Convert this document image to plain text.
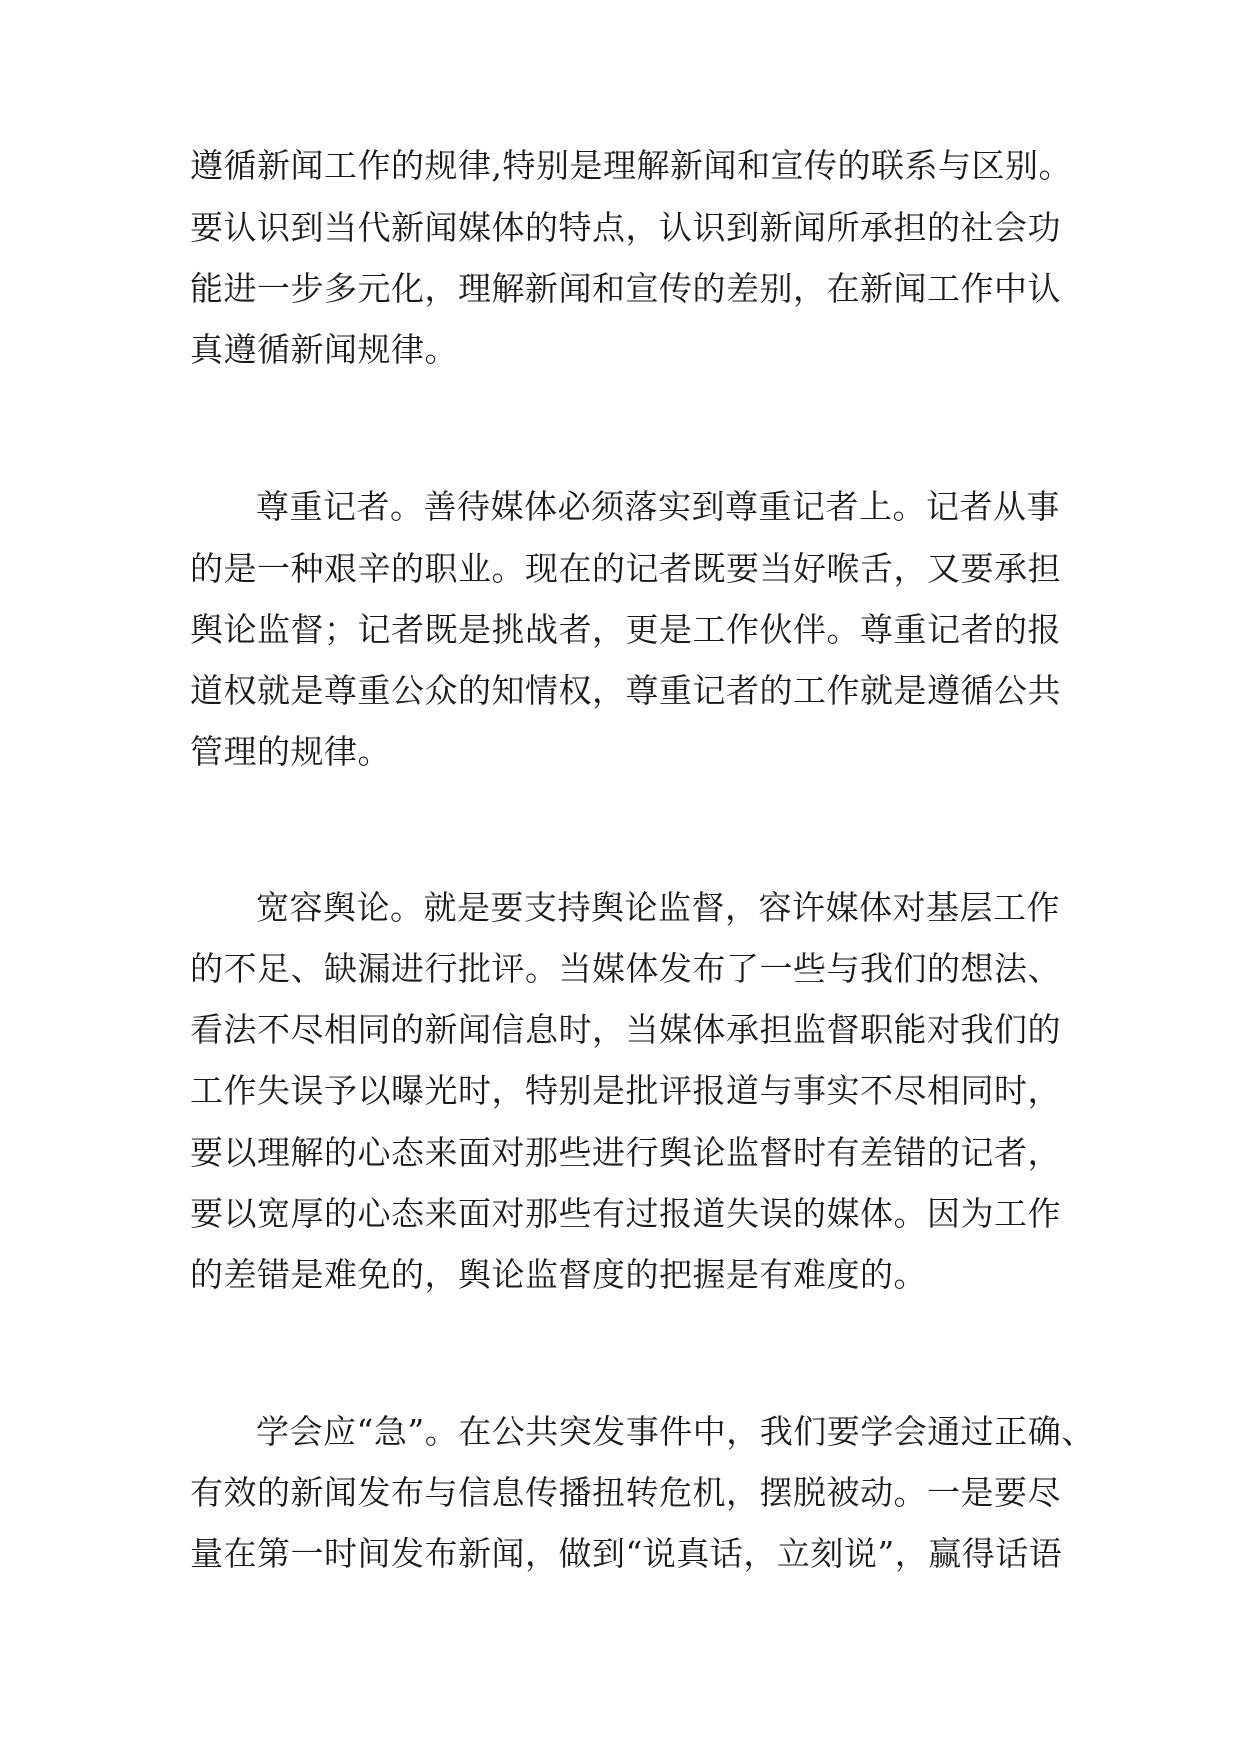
遵循新闻工作的规律,特别是理解新闻和宣传的联系与区别。
要认识到当代新闻媒体的特点，认识到新闻所承担的社会功
能进一步多元化，理解新闻和宣传的差别，在新闻工作中认
真遵循新闻规律。
尊重记者。善待媒体必须落实到尊重记者上。记者从事
的是一种艰辛的职业。现在的记者既要当好喉舌，又要承担
舆论监督；记者既是挑战者，更是工作伙伴。尊重记者的报
道权就是尊重公众的知情权，尊重记者的工作就是遵循公共
管理的规律。
宽容舆论。就是要支持舆论监督，容许媒体对基层工作
的不足、缺漏进行批评。当媒体发布了一些与我们的想法、
看法不尽相同的新闻信息时，当媒体承担监督职能对我们的
工作失误予以曝光时，特别是批评报道与事实不尽相同时，
要以理解的心态来面对那些进行舆论监督时有差错的记者，
要以宽厚的心态来面对那些有过报道失误的媒体。因为工作
的差错是难免的，舆论监督度的把握是有难度的。
学会应“急”。在公共突发事件中，我们要学会通过正确、
有效的新闻发布与信息传播扭转危机，摆脱被动。一是要尽
量在第一时间发布新闻，做到“说真话，立刻说”，赢得话语
